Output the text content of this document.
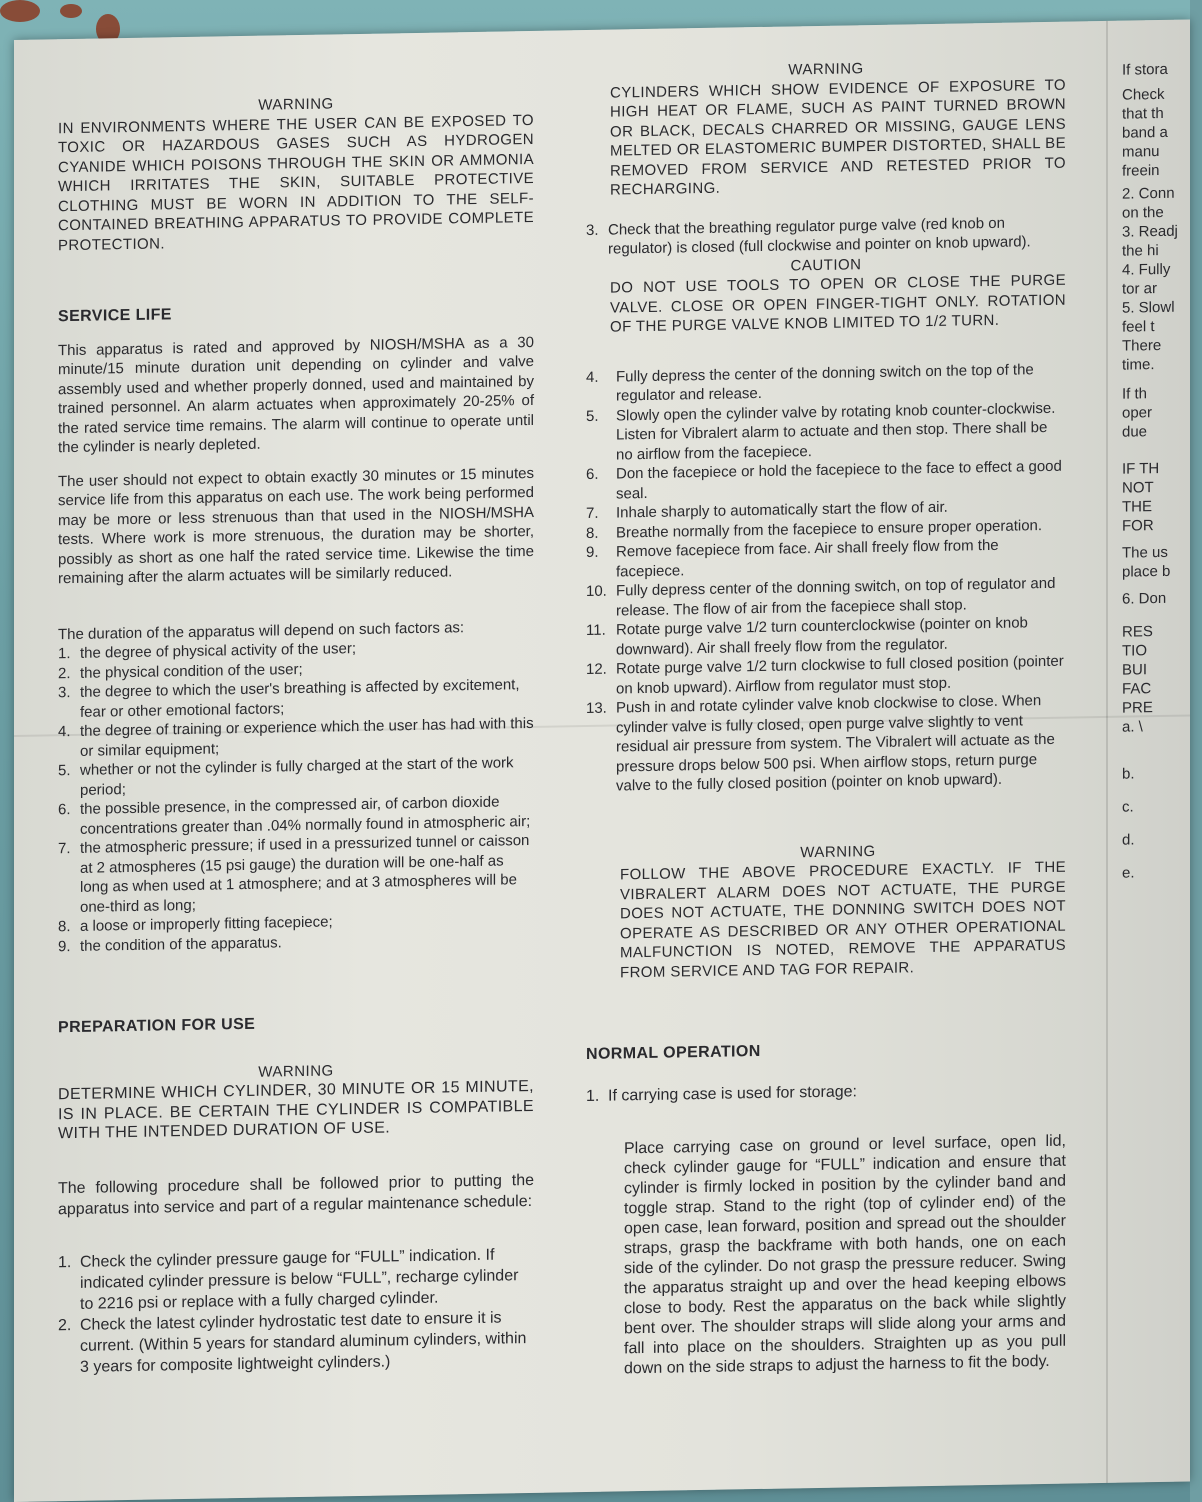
WARNING

IN ENVIRONMENTS WHERE THE USER CAN BE EXPOSED TO TOXIC OR HAZARDOUS GASES SUCH AS HYDROGEN CYANIDE WHICH POISONS THROUGH THE SKIN OR AMMONIA WHICH IRRITATES THE SKIN, SUITABLE PROTECTIVE CLOTHING MUST BE WORN IN ADDITION TO THE SELF-CONTAINED BREATHING APPARATUS TO PROVIDE COMPLETE PROTECTION.

SERVICE LIFE

This apparatus is rated and approved by NIOSH/MSHA as a 30 minute/15 minute duration unit depending on cylinder and valve assembly used and whether properly donned, used and maintained by trained personnel. An alarm actuates when approximately 20-25% of the rated service time remains. The alarm will continue to operate until the cylinder is nearly depleted.

The user should not expect to obtain exactly 30 minutes or 15 minutes service life from this apparatus on each use. The work being performed may be more or less strenuous than that used in the NIOSH/MSHA tests. Where work is more strenuous, the duration may be shorter, possibly as short as one half the rated service time. Likewise the time remaining after the alarm actuates will be similarly reduced.

The duration of the apparatus will depend on such factors as:

1. the degree of physical activity of the user;
2. the physical condition of the user;
3. the degree to which the user's breathing is affected by excitement, fear or other emotional factors;
4. the degree of training or experience which the user has had with this or similar equipment;
5. whether or not the cylinder is fully charged at the start of the work period;
6. the possible presence, in the compressed air, of carbon dioxide concentrations greater than .04% normally found in atmospheric air;
7. the atmospheric pressure; if used in a pressurized tunnel or caisson at 2 atmospheres (15 psi gauge) the duration will be one-half as long as when used at 1 atmosphere; and at 3 atmospheres will be one-third as long;
8. a loose or improperly fitting facepiece;
9. the condition of the apparatus.

PREPARATION FOR USE

WARNING

DETERMINE WHICH CYLINDER, 30 MINUTE OR 15 MINUTE, IS IN PLACE. BE CERTAIN THE CYLINDER IS COMPATIBLE WITH THE INTENDED DURATION OF USE.

The following procedure shall be followed prior to putting the apparatus into service and part of a regular maintenance schedule:

1. Check the cylinder pressure gauge for “FULL” indication. If indicated cylinder pressure is below “FULL”, recharge cylinder to 2216 psi or replace with a fully charged cylinder.
2. Check the latest cylinder hydrostatic test date to ensure it is current. (Within 5 years for standard aluminum cylinders, within 3 years for composite lightweight cylinders.)

WARNING

CYLINDERS WHICH SHOW EVIDENCE OF EXPOSURE TO HIGH HEAT OR FLAME, SUCH AS PAINT TURNED BROWN OR BLACK, DECALS CHARRED OR MISSING, GAUGE LENS MELTED OR ELASTOMERIC BUMPER DISTORTED, SHALL BE REMOVED FROM SERVICE AND RETESTED PRIOR TO RECHARGING.

3. Check that the breathing regulator purge valve (red knob on regulator) is closed (full clockwise and pointer on knob upward).

CAUTION

DO NOT USE TOOLS TO OPEN OR CLOSE THE PURGE VALVE. CLOSE OR OPEN FINGER-TIGHT ONLY. ROTATION OF THE PURGE VALVE KNOB LIMITED TO 1/2 TURN.

4. Fully depress the center of the donning switch on the top of the regulator and release.
5. Slowly open the cylinder valve by rotating knob counter-clockwise. Listen for Vibralert alarm to actuate and then stop. There shall be no airflow from the facepiece.
6. Don the facepiece or hold the facepiece to the face to effect a good seal.
7. Inhale sharply to automatically start the flow of air.
8. Breathe normally from the facepiece to ensure proper operation.
9. Remove facepiece from face. Air shall freely flow from the facepiece.
10. Fully depress center of the donning switch, on top of regulator and release. The flow of air from the facepiece shall stop.
11. Rotate purge valve 1/2 turn counterclockwise (pointer on knob downward). Air shall freely flow from the regulator.
12. Rotate purge valve 1/2 turn clockwise to full closed position (pointer on knob upward). Airflow from regulator must stop.
13. Push in and rotate cylinder valve knob clockwise to close. When cylinder valve is fully closed, open purge valve slightly to vent residual air pressure from system. The Vibralert will actuate as the pressure drops below 500 psi. When airflow stops, return purge valve to the fully closed position (pointer on knob upward).

WARNING

FOLLOW THE ABOVE PROCEDURE EXACTLY. IF THE VIBRALERT ALARM DOES NOT ACTUATE, THE PURGE DOES NOT ACTUATE, THE DONNING SWITCH DOES NOT OPERATE AS DESCRIBED OR ANY OTHER OPERATIONAL MALFUNCTION IS NOTED, REMOVE THE APPARATUS FROM SERVICE AND TAG FOR REPAIR.

NORMAL OPERATION

1. If carrying case is used for storage:

Place carrying case on ground or level surface, open lid, check cylinder gauge for “FULL” indication and ensure that cylinder is firmly locked in position by the cylinder band and toggle strap. Stand to the right (top of cylinder end) of the open case, lean forward, position and spread out the shoulder straps, grasp the backframe with both hands, one on each side of the cylinder. Do not grasp the pressure reducer. Swing the apparatus straight up and over the head keeping elbows close to body. Rest the apparatus on the back while slightly bent over. The shoulder straps will slide along your arms and fall into place on the shoulders. Straighten up as you pull down on the side straps to adjust the harness to fit the body.

If stora
Check
that th
band a
manu
freein
2. Conn
on the
3. Readj
the hi
4. Fully
tor ar
5. Slowl
feel t
There
time.
If th
oper
due
IF TH
NOT
THE
FOR
The us
place b
6. Don
RES
TIO
BUI
FAC
PRE
a. \
b.
c.
d.
e.
